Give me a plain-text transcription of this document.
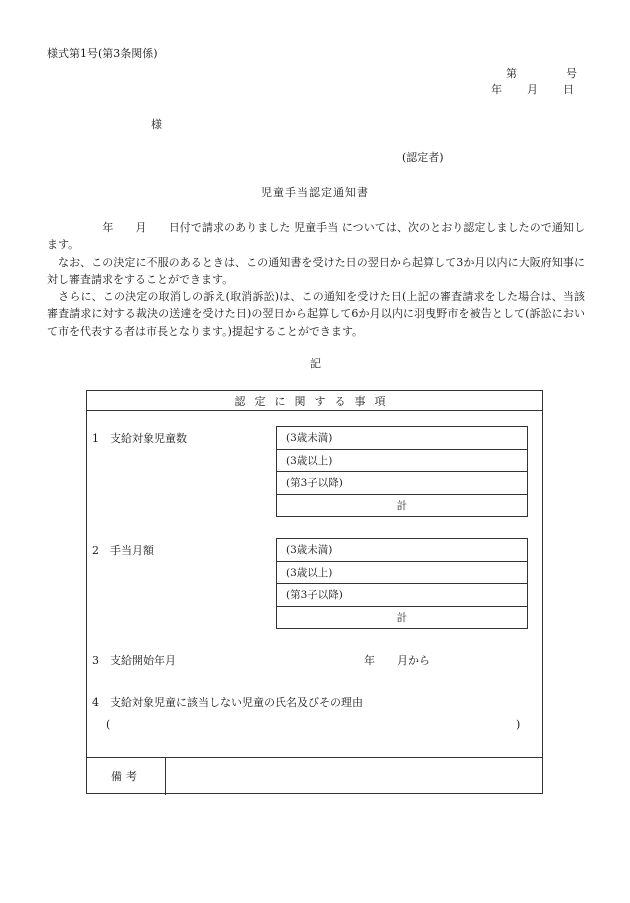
様式第1号(第3条関係)
第　　　　号
年　　月　　日
様
(認定者)
児童手当認定通知書
　　　　　年　　月　　日付で請求のありました 児童手当 については、次のとおり認定しましたので通知します。
　なお、この決定に不服のあるときは、この通知書を受けた日の翌日から起算して3か月以内に大阪府知事に対し審査請求をすることができます。
　さらに、この決定の取消しの訴え(取消訴訟)は、この通知を受けた日(上記の審査請求をした場合は、当該審査請求に対する裁決の送達を受けた日)の翌日から起算して6か月以内に羽曳野市を被告として(訴訟において市を代表する者は市長となります。)提起することができます。
記
認定に関する事項
1　支給対象児童数	(3歳未満)
(3歳以上)
(第3子以降)
計
2　手当月額	(3歳未満)
(3歳以上)
(第3子以降)
計
3　支給開始年月	年　　月から
4　支給対象児童に該当しない児童の氏名及びその理由
(	)
備考
